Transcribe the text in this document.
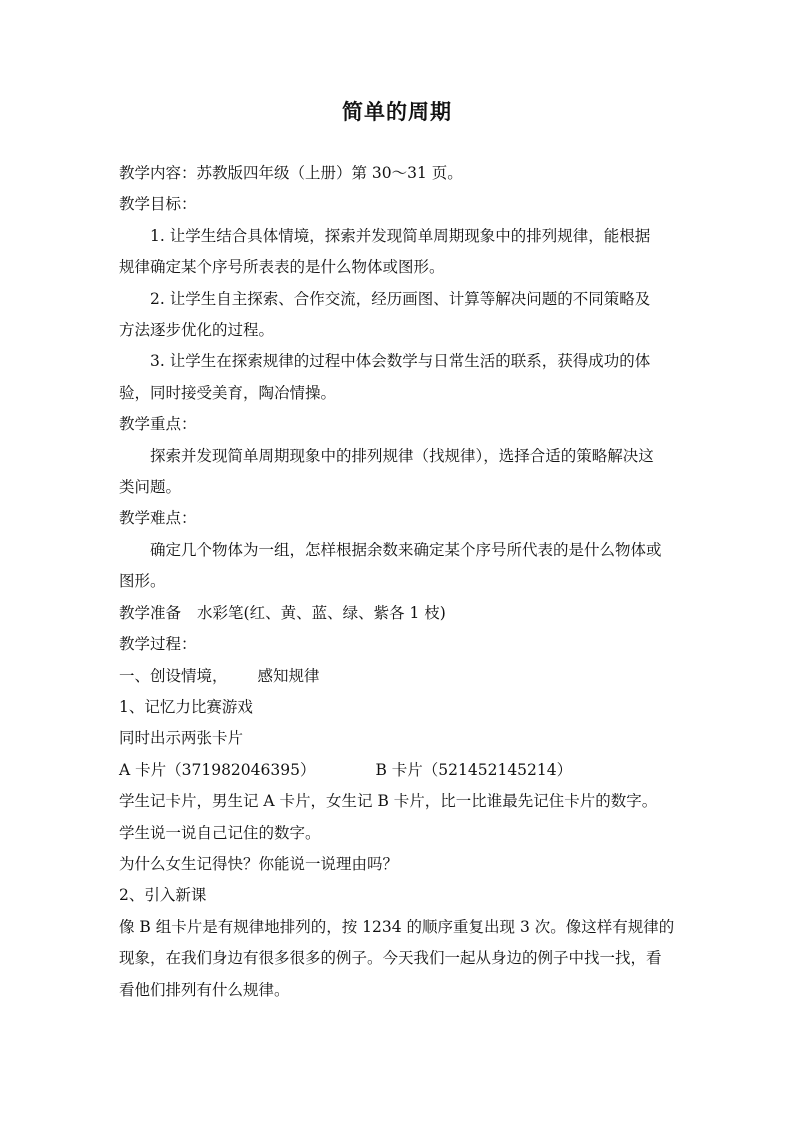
简单的周期

教学内容：苏教版四年级（上册）第 30～31 页。

教学目标：

1. 让学生结合具体情境，探索并发现简单周期现象中的排列规律，能根据

规律确定某个序号所表表的是什么物体或图形。

2. 让学生自主探索、合作交流，经历画图、计算等解决问题的不同策略及

方法逐步优化的过程。

3. 让学生在探索规律的过程中体会数学与日常生活的联系，获得成功的体

验，同时接受美育，陶冶情操。

教学重点：

探索并发现简单周期现象中的排列规律（找规律），选择合适的策略解决这

类问题。

教学难点：

确定几个物体为一组，怎样根据余数来确定某个序号所代表的是什么物体或

图形。

教学准备 水彩笔(红、黄、蓝、绿、紫各 1 枝)

教学过程：

一、创设情境， 感知规律

1、记忆力比赛游戏

同时出示两张卡片

A 卡片（371982046395）	B 卡片（521452145214）

学生记卡片，男生记 A 卡片，女生记 B 卡片，比一比谁最先记住卡片的数字。

学生说一说自己记住的数字。

为什么女生记得快？你能说一说理由吗？

2、引入新课

像 B 组卡片是有规律地排列的，按 1234 的顺序重复出现 3 次。像这样有规律的

现象，在我们身边有很多很多的例子。今天我们一起从身边的例子中找一找，看

看他们排列有什么规律。
